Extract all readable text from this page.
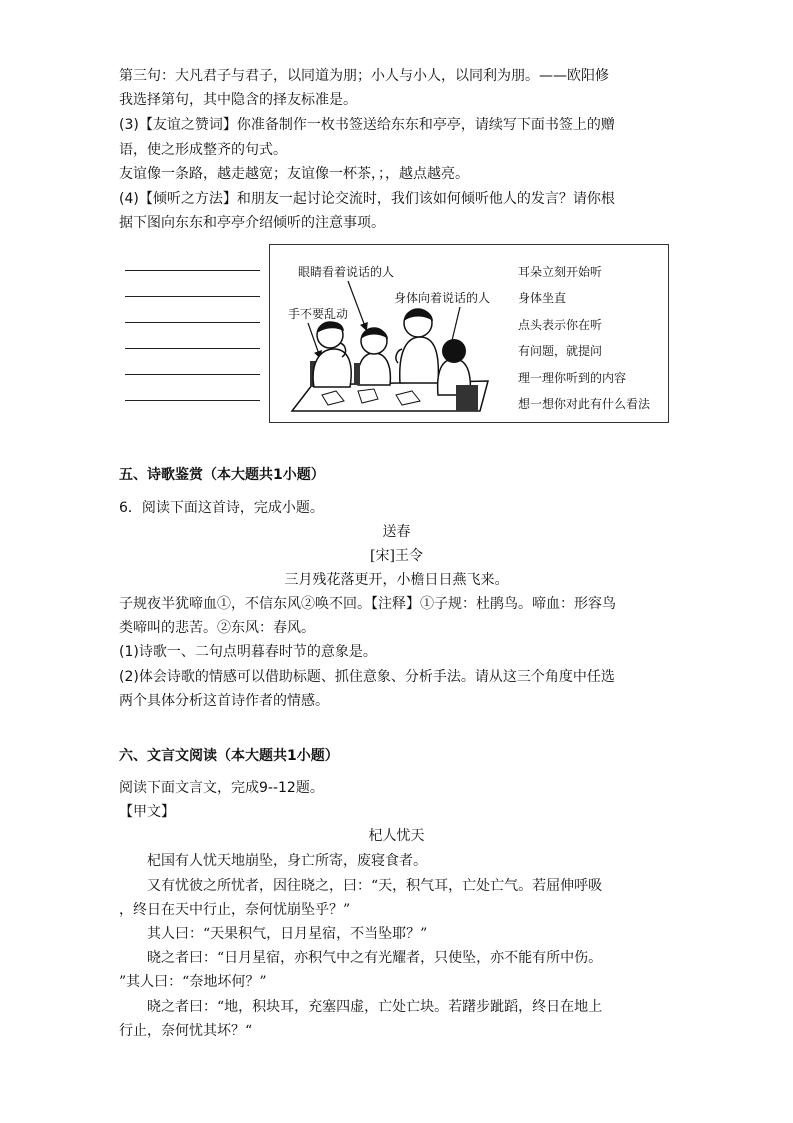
第三句：大凡君子与君子，以同道为朋；小人与小人，以同利为朋。——欧阳修
我选择第句，其中隐含的择友标准是。
(3)【友谊之赞词】你准备制作一枚书签送给东东和亭亭，请续写下面书签上的赠
语，使之形成整齐的句式。
友谊像一条路，越走越宽；友谊像一杯茶，；，越点越亮。
(4)【倾听之方法】和朋友一起讨论交流时，我们该如何倾听他人的发言？请你根
据下图向东东和亭亭介绍倾听的注意事项。
眼睛看着说话的人
身体向着说话的人
手不要乱动
耳朵立刻开始听
身体坐直
点头表示你在听
有问题，就提问
理一理你听到的内容
想一想你对此有什么看法
五、诗歌鉴赏（本大题共1小题）
6．阅读下面这首诗，完成小题。
送春
[宋]王令
三月残花落更开，小檐日日燕飞来。
子规夜半犹啼血①，不信东风②唤不回。【注释】①子规：杜鹃鸟。啼血：形容鸟
类啼叫的悲苦。②东风：春风。
(1)诗歌一、二句点明暮春时节的意象是。
(2)体会诗歌的情感可以借助标题、抓住意象、分析手法。请从这三个角度中任选
两个具体分析这首诗作者的情感。
六、文言文阅读（本大题共1小题）
阅读下面文言文，完成9--12题。
【甲文】
杞人忧天
杞国有人忧天地崩坠，身亡所寄，废寝食者。
又有忧彼之所忧者，因往晓之，曰：“天，积气耳，亡处亡气。若屈伸呼吸
，终日在天中行止，奈何忧崩坠乎？”
其人曰：“天果积气，日月星宿，不当坠耶？”
晓之者曰：“日月星宿，亦积气中之有光耀者，只使坠，亦不能有所中伤。
”其人曰：“奈地坏何？”
晓之者曰：“地，积块耳，充塞四虚，亡处亡块。若躇步跐蹈，终日在地上
行止，奈何忧其坏？“
